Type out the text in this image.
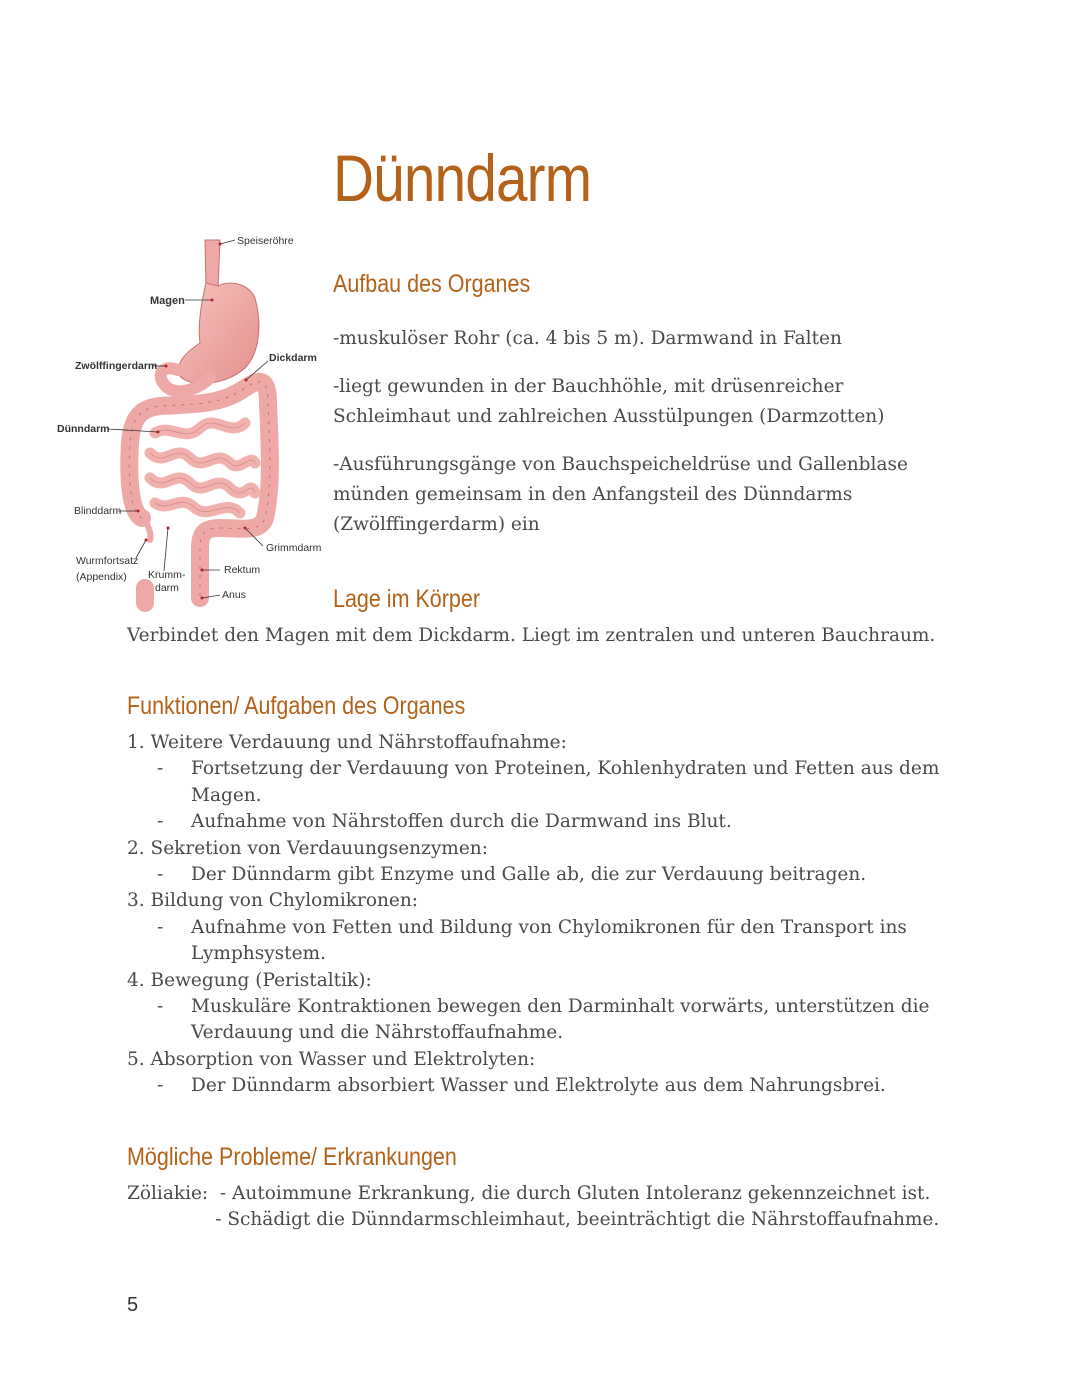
Dünndarm
Speiseröhre
Magen
Zwölffingerdarm
Dickdarm
Dünndarm
Blinddarm
Grimmdarm
Wurmfortsatz
(Appendix) Krumm-
darm
Rektum
Anus
Aufbau des Organes

-muskulöser Rohr (ca. 4 bis 5 m). Darmwand in Falten

-liegt gewunden in der Bauchhöhle, mit drüsenreicher

Schleimhaut und zahlreichen Ausstülpungen (Darmzotten)

-Ausführungsgänge von Bauchspeicheldrüse und Gallenblase

münden gemeinsam in den Anfangsteil des Dünndarms

(Zwölffingerdarm) ein

Lage im Körper

Verbindet den Magen mit dem Dickdarm. Liegt im zentralen und unteren Bauchraum.

Funktionen/ Aufgaben des Organes

1. Weitere Verdauung und Nährstoffaufnahme:

- Fortsetzung der Verdauung von Proteinen, Kohlenhydraten und Fetten aus dem
Magen.

- Aufnahme von Nährstoffen durch die Darmwand ins Blut.

2. Sekretion von Verdauungsenzymen:

- Der Dünndarm gibt Enzyme und Galle ab, die zur Verdauung beitragen.

3. Bildung von Chylomikronen:

- Aufnahme von Fetten und Bildung von Chylomikronen für den Transport ins
Lymphsystem.

4. Bewegung (Peristaltik):

- Muskuläre Kontraktionen bewegen den Darminhalt vorwärts, unterstützen die
Verdauung und die Nährstoffaufnahme.

5. Absorption von Wasser und Elektrolyten:

- Der Dünndarm absorbiert Wasser und Elektrolyte aus dem Nahrungsbrei.

Mögliche Probleme/ Erkrankungen
Zöliakie:  - Autoimmune Erkrankung, die durch Gluten Intoleranz gekennzeichnet ist.
- Schädigt die Dünndarmschleimhaut, beeinträchtigt die Nährstoffaufnahme.
5
